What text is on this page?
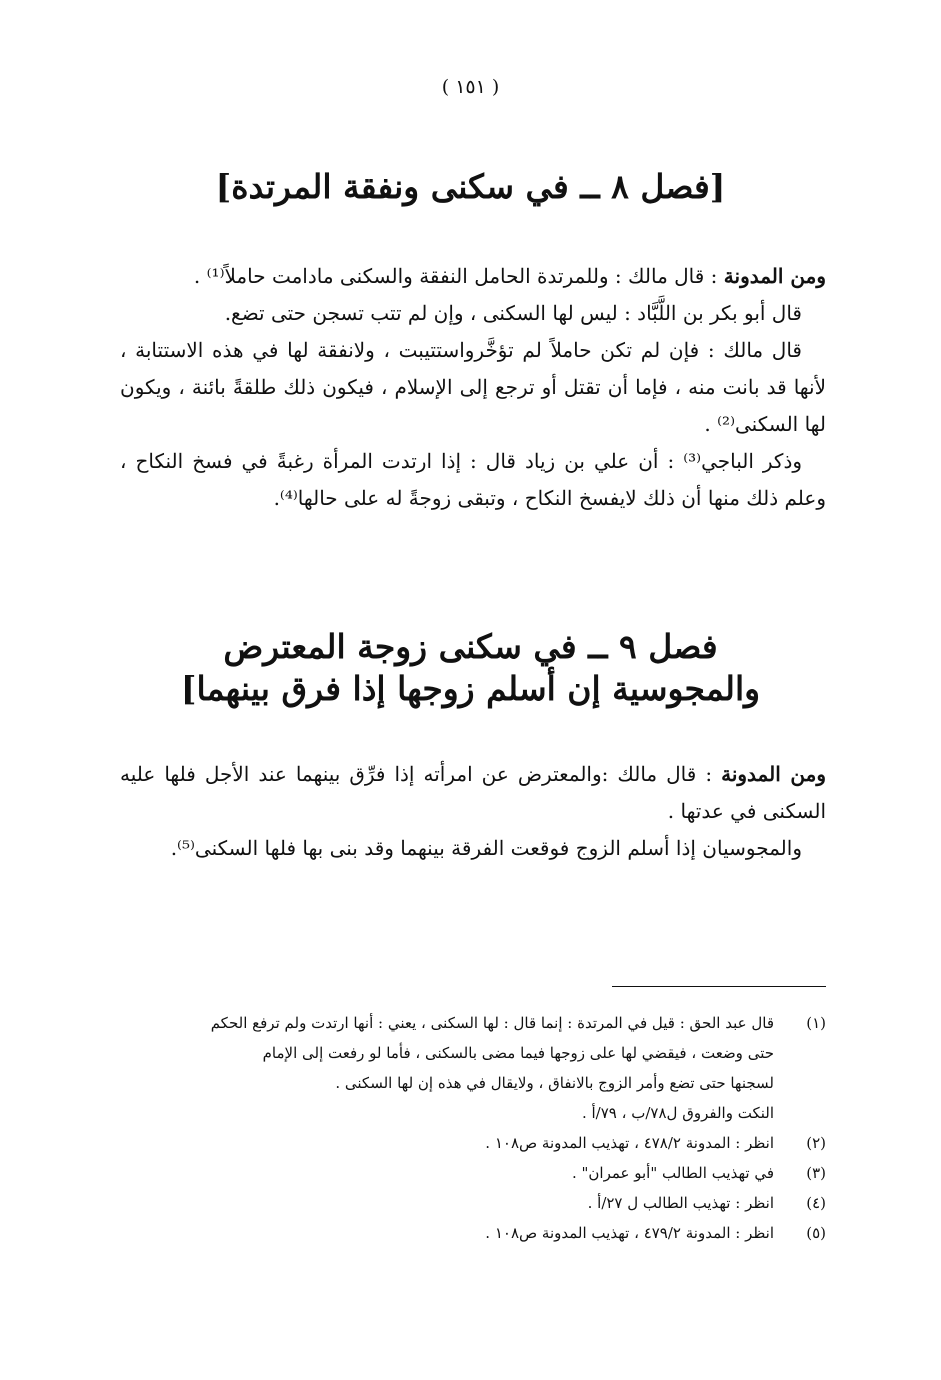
( ١٥١ )
[فصل ٨ ــ في سكنى ونفقة المرتدة]

ومن المدونة : قال مالك : وللمرتدة الحامل النفقة والسكنى مادامت حاملاً⁽¹⁾ .

قال أبو بكر بن اللَّبَّاد : ليس لها السكنى ، وإن لم تتب تسجن حتى تضع.

قال مالك : فإن لم تكن حاملاً لم تؤخَّرواستتيبت ، ولانفقة لها في هذه الاستتابة ، لأنها قد بانت منه ، فإما أن تقتل أو ترجع إلى الإسلام ، فيكون ذلك طلقةً بائنة ، ويكون لها السكنى⁽²⁾ .

وذكر الباجي⁽³⁾ : أن علي بن زياد قال : إذا ارتدت المرأة رغبةً في فسخ النكاح ، وعلم ذلك منها أن ذلك لايفسخ النكاح ، وتبقى زوجةً له على حالها⁽⁴⁾.

فصل ٩ ــ في سكنى زوجة المعترض
والمجوسية إن أسلم زوجها إذا فرق بينهما]

ومن المدونة : قال مالك :والمعترض عن امرأته إذا فرِّق بينهما عند الأجل فلها عليه السكنى في عدتها .

والمجوسيان إذا أسلم الزوج فوقعت الفرقة بينهما وقد بنى بها فلها السكنى⁽⁵⁾.

(١)
قال عبد الحق : قيل في المرتدة : إنما قال : لها السكنى ، يعني : أنها ارتدت ولم ترفع الحكم
حتى وضعت ، فيقضي لها على زوجها فيما مضى بالسكنى ، فأما لو رفعت إلى الإمام
لسجنها حتى تضع وأمر الزوج بالانفاق ، ولايقال في هذه إن لها السكنى .
النكت والفروق ل٧٨/ب ، ٧٩/أ .
(٢)
انظر : المدونة ٤٧٨/٢ ، تهذيب المدونة ص١٠٨ .
(٣)
في تهذيب الطالب "أبو عمران" .
(٤)
انظر : تهذيب الطالب ل ٢٧/أ .
(٥)
انظر : المدونة ٤٧٩/٢ ، تهذيب المدونة ص١٠٨ .
